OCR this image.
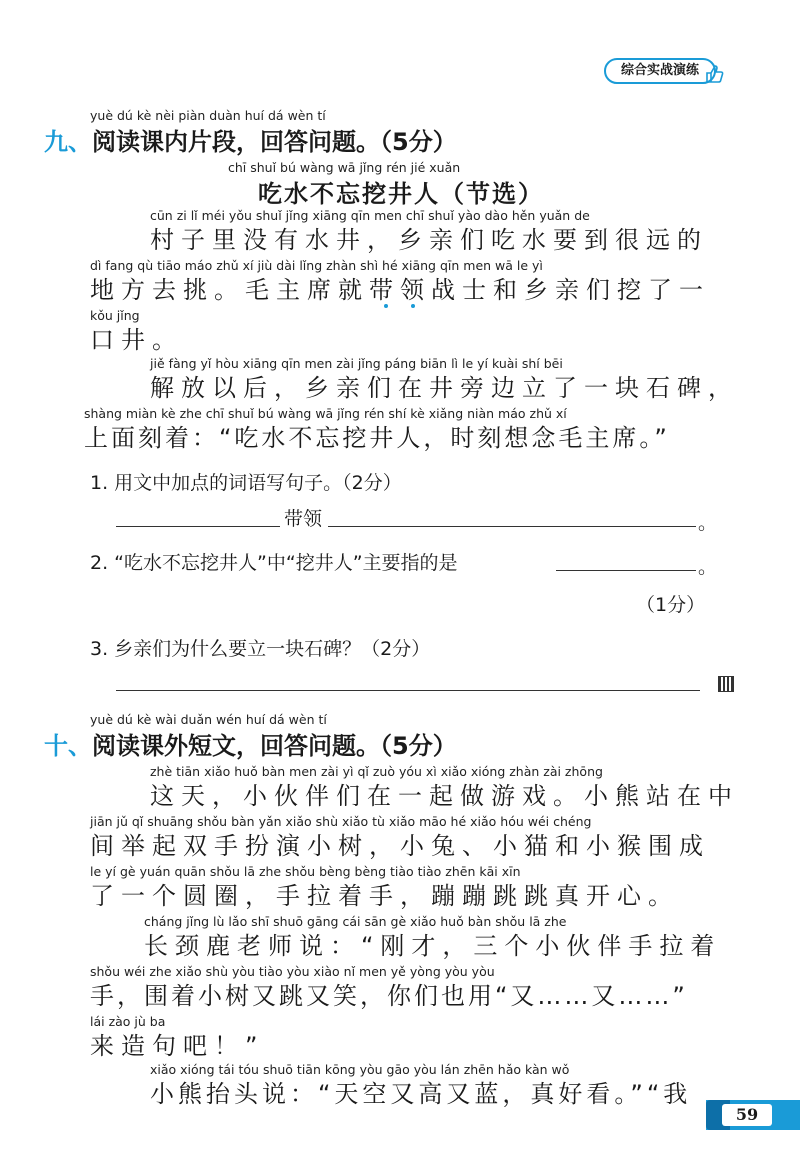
综合实战演练
yuè dú kè nèi piàn duàn huí dá wèn tí
九、阅读课内片段，回答问题。（5分）
chī shuǐ bú wàng wā jǐng rén jié xuǎn
吃水不忘挖井人（节选）
cūn zi lǐ méi yǒu shuǐ jǐng xiāng qīn men chī shuǐ yào dào hěn yuǎn de
村子里没有水井，乡亲们吃水要到很远的
dì fang qù tiāo máo zhǔ xí jiù dài lǐng zhàn shì hé xiāng qīn men wā le yì
地方去挑。毛主席就带领战士和乡亲们挖了一
kǒu jǐng
口井。
jiě fàng yǐ hòu xiāng qīn men zài jǐng páng biān lì le yí kuài shí bēi
解放以后，乡亲们在井旁边立了一块石碑，
shàng miàn kè zhe chī shuǐ bú wàng wā jǐng rén shí kè xiǎng niàn máo zhǔ xí
上面刻着：“吃水不忘挖井人，时刻想念毛主席。”
1. 用文中加点的词语写句子。（2分）
带领	。
2. “吃水不忘挖井人”中“挖井人”主要指的是	。
（1分）
3. 乡亲们为什么要立一块石碑？（2分）
yuè dú kè wài duǎn wén huí dá wèn tí
十、阅读课外短文，回答问题。（5分）
zhè tiān xiǎo huǒ bàn men zài yì qǐ zuò yóu xì xiǎo xióng zhàn zài zhōng
这天，小伙伴们在一起做游戏。小熊站在中
jiān jǔ qǐ shuāng shǒu bàn yǎn xiǎo shù xiǎo tù xiǎo māo hé xiǎo hóu wéi chéng
间举起双手扮演小树，小兔、小猫和小猴围成
le yí gè yuán quān shǒu lā zhe shǒu bèng bèng tiào tiào zhēn kāi xīn
了一个圆圈，手拉着手，蹦蹦跳跳真开心。
cháng jǐng lù lǎo shī shuō gāng cái sān gè xiǎo huǒ bàn shǒu lā zhe
长颈鹿老师说：“刚才，三个小伙伴手拉着
shǒu wéi zhe xiǎo shù yòu tiào yòu xiào nǐ men yě yòng yòu yòu
手，围着小树又跳又笑，你们也用“又……又……”
lái zào jù ba
来造句吧！”
xiǎo xióng tái tóu shuō tiān kōng yòu gāo yòu lán zhēn hǎo kàn wǒ
小熊抬头说：“天空又高又蓝，真好看。”“我
59
